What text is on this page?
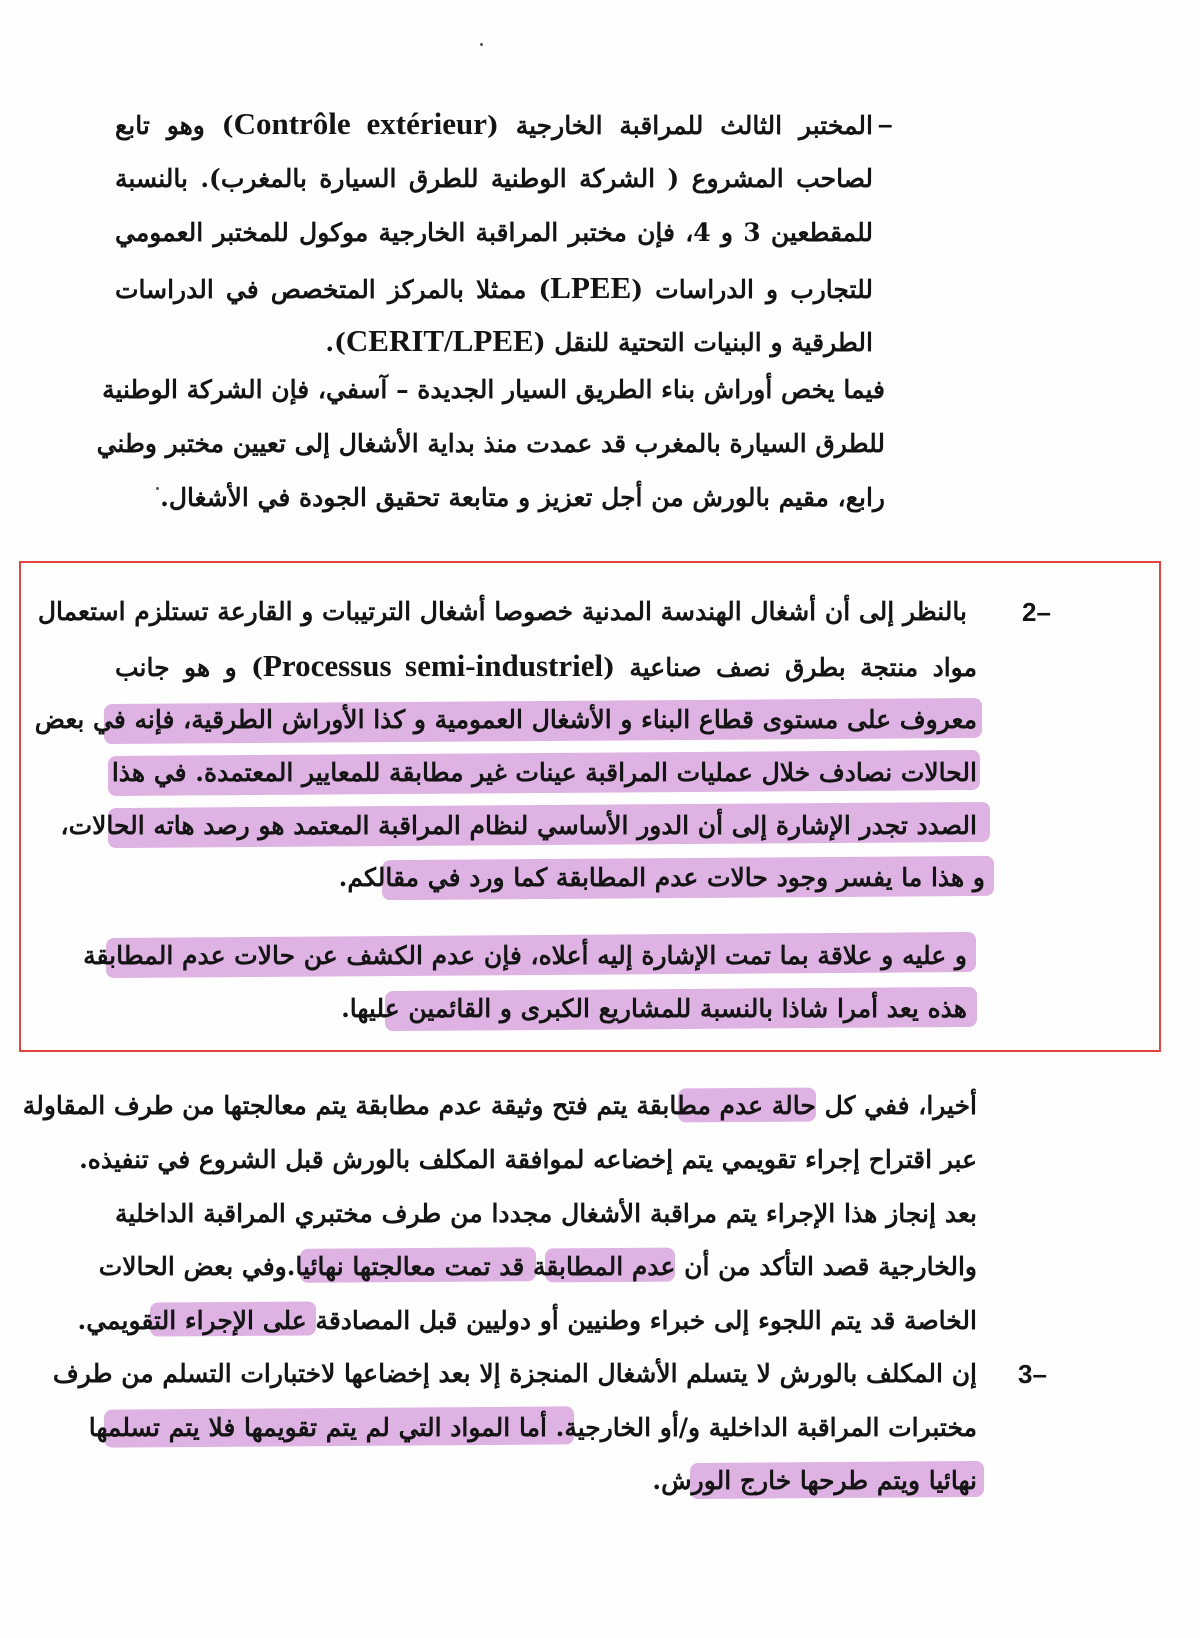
–
المختبر الثالث للمراقبة الخارجية (Contrôle extérieur) وهو تابع
لصاحب المشروع ( الشركة الوطنية للطرق السيارة بالمغرب). بالنسبة
للمقطعين 3 و 4، فإن مختبر المراقبة الخارجية موكول للمختبر العمومي
للتجارب و الدراسات (LPEE) ممثلا بالمركز المتخصص في الدراسات
الطرقية و البنيات التحتية للنقل (CERIT/LPEE).
فيما يخص أوراش بناء الطريق السيار الجديدة – آسفي، فإن الشركة الوطنية
للطرق السيارة بالمغرب قد عمدت منذ بداية الأشغال إلى تعيين مختبر وطني
رابع، مقيم بالورش من أجل تعزيز و متابعة تحقيق الجودة في الأشغال.
2–
بالنظر إلى أن أشغال الهندسة المدنية خصوصا أشغال الترتيبات و القارعة تستلزم استعمال
مواد منتجة بطرق نصف صناعية (Processus semi-industriel) و هو جانب
معروف على مستوى قطاع البناء و الأشغال العمومية و كذا الأوراش الطرقية، فإنه في بعض
الحالات نصادف خلال عمليات المراقبة عينات غير مطابقة للمعايير المعتمدة. في هذا
الصدد تجدر الإشارة إلى أن الدور الأساسي لنظام المراقبة المعتمد هو رصد هاته الحالات،
و هذا ما يفسر وجود حالات عدم المطابقة كما ورد في مقالكم.
و عليه و علاقة بما تمت الإشارة إليه أعلاه، فإن عدم الكشف عن حالات عدم المطابقة
هذه يعد أمرا شاذا بالنسبة للمشاريع الكبرى و القائمين عليها.
أخيرا، ففي كل حالة عدم مطابقة يتم فتح وثيقة عدم مطابقة يتم معالجتها من طرف المقاولة
عبر اقتراح إجراء تقويمي يتم إخضاعه لموافقة المكلف بالورش قبل الشروع في تنفيذه.
بعد إنجاز هذا الإجراء يتم مراقبة الأشغال مجددا من طرف مختبري المراقبة الداخلية
والخارجية قصد التأكد من أن عدم المطابقة قد تمت معالجتها نهائيا.وفي بعض الحالات
الخاصة قد يتم اللجوء إلى خبراء وطنيين أو دوليين قبل المصادقة على الإجراء التقويمي.
3–
إن المكلف بالورش لا يتسلم الأشغال المنجزة إلا بعد إخضاعها لاختبارات التسلم من طرف
مختبرات المراقبة الداخلية و/أو الخارجية. أما المواد التي لم يتم تقويمها فلا يتم تسلمها
نهائيا ويتم طرحها خارج الورش.
